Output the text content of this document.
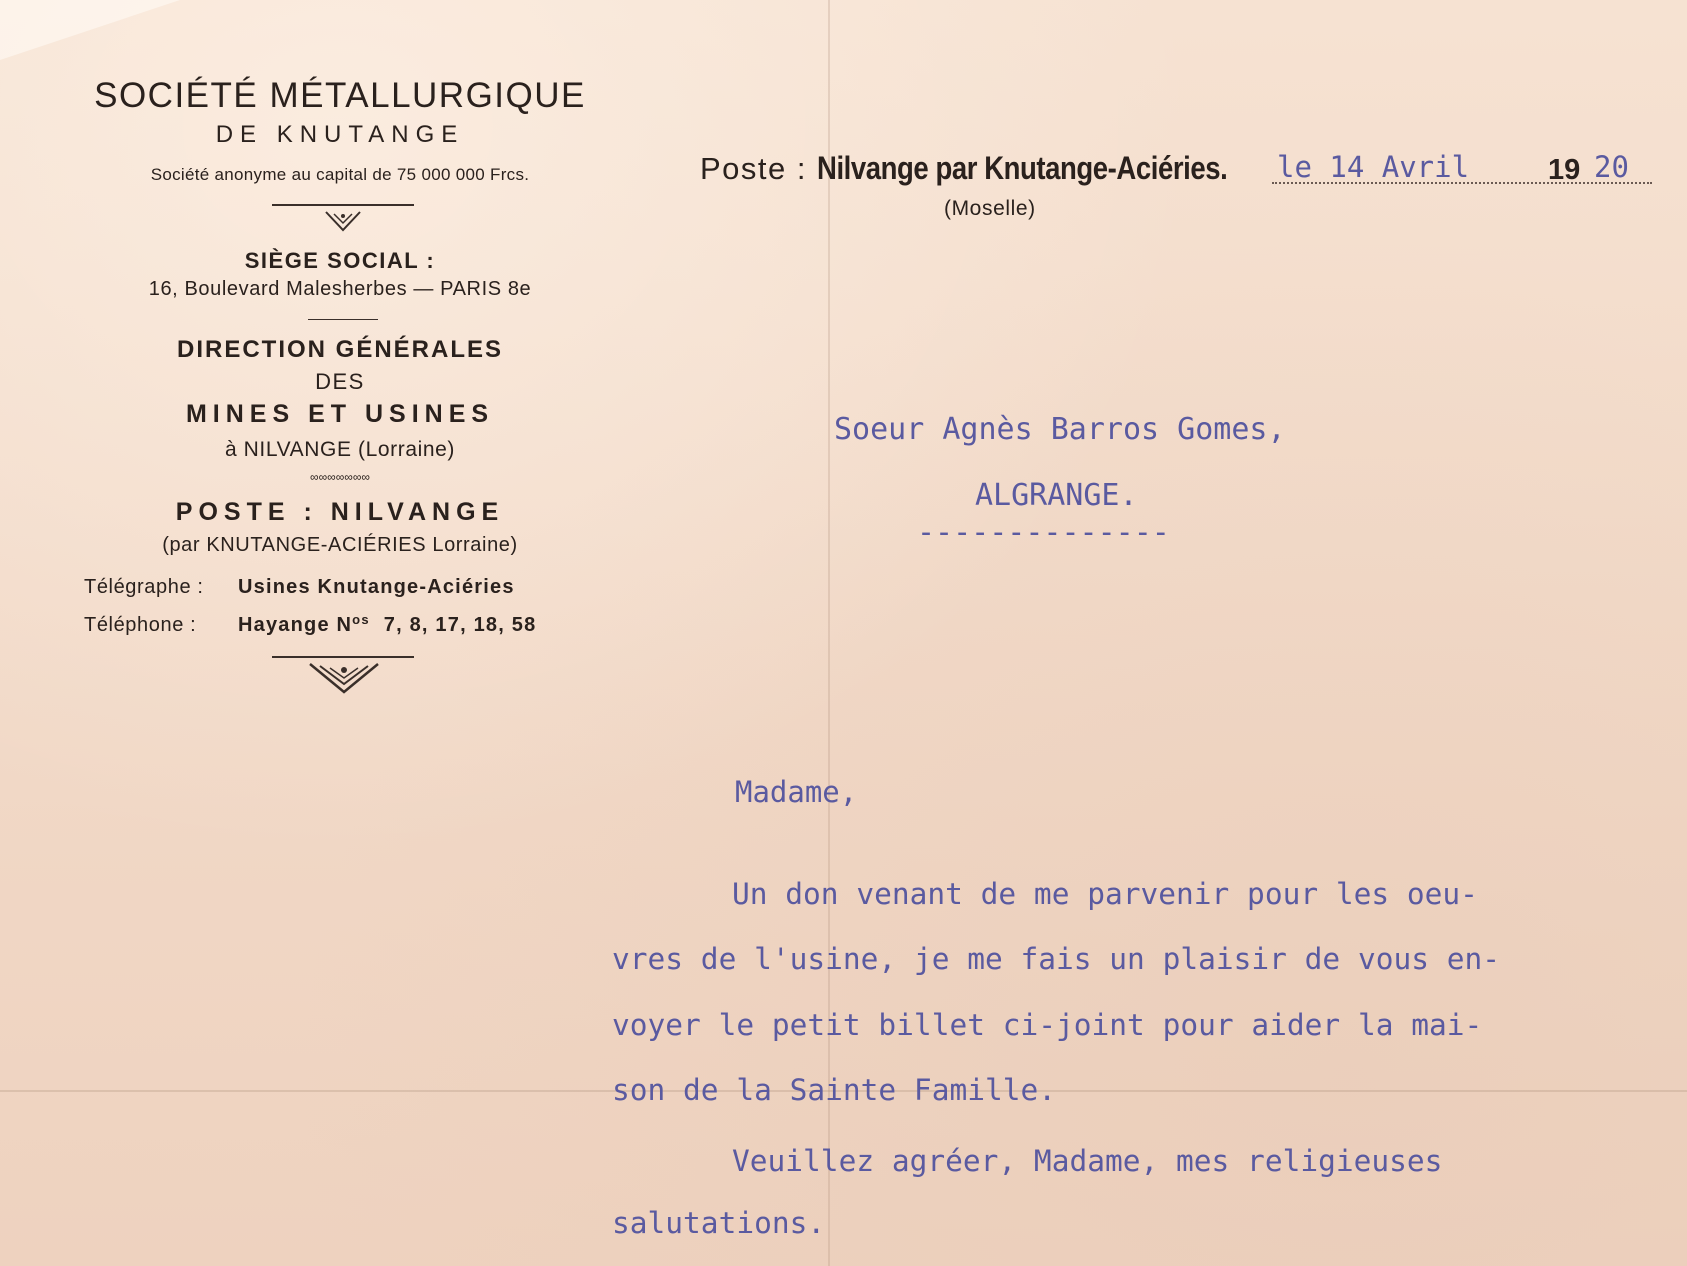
SOCIÉTÉ MÉTALLURGIQUE
DE KNUTANGE
Société anonyme au capital de 75 000 000 Frcs.
SIÈGE SOCIAL :
16, Boulevard Malesherbes — PARIS 8e
DIRECTION GÉNÉRALES
DES
MINES ET USINES
à NILVANGE (Lorraine)
∞∞∞∞∞∞∞
POSTE : NILVANGE
(par KNUTANGE-ACIÉRIES Lorraine)
Télégraphe : Usines Knutange-Aciéries
Téléphone : Hayange $N^{os}$ 7, 8, 17, 18, 58
Poste : Nilvange par Knutange-Aciéries.
(Moselle)
le 14 Avril	19 20
Soeur Agnès Barros Gomes,
ALGRANGE.
--------------
Madame,
Un don venant de me parvenir pour les oeu-
vres de l'usine, je me fais un plaisir de vous en-
voyer le petit billet ci-joint pour aider la mai-
son de la Sainte Famille.
Veuillez agréer, Madame, mes religieuses
salutations.
